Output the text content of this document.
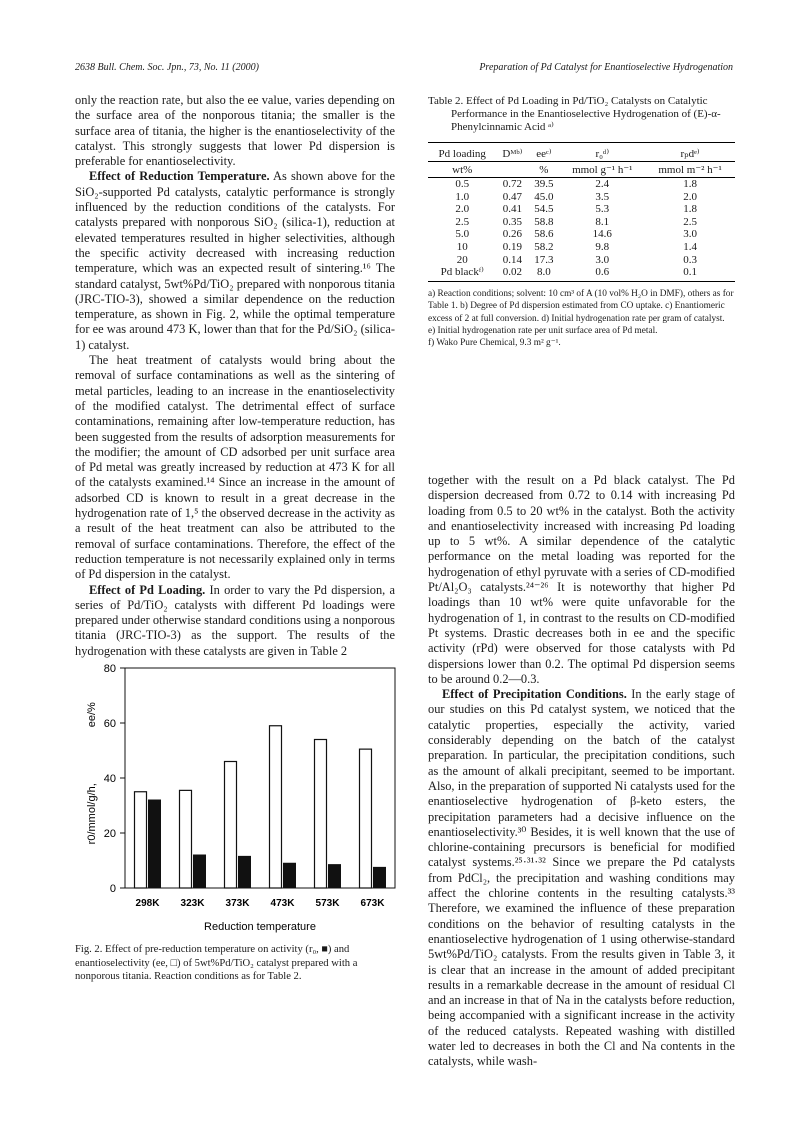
2638 Bull. Chem. Soc. Jpn., 73, No. 11 (2000)	Preparation of Pd Catalyst for Enantioselective Hydrogenation

only the reaction rate, but also the ee value, varies depending on the surface area of the nonporous titania; the smaller is the surface area of titania, the higher is the enantioselectivity of the catalyst. This strongly suggests that lower Pd dispersion is preferable for enantioselectivity.

Effect of Reduction Temperature. As shown above for the SiO₂-supported Pd catalysts, catalytic performance is strongly influenced by the reduction conditions of the catalysts. For catalysts prepared with nonporous SiO₂ (silica-1), reduction at elevated temperatures resulted in higher selectivities, although the specific activity decreased with increasing reduction temperature, which was an expected result of sintering.¹⁶ The standard catalyst, 5wt%Pd/TiO₂ prepared with nonporous titania (JRC-TIO-3), showed a similar dependence on the reduction temperature, as shown in Fig. 2, while the optimal temperature for ee was around 473 K, lower than that for the Pd/SiO₂ (silica-1) catalyst.

The heat treatment of catalysts would bring about the removal of surface contaminations as well as the sintering of metal particles, leading to an increase in the enantioselectivity of the modified catalyst. The detrimental effect of surface contaminations, remaining after low-temperature reduction, has been suggested from the results of adsorption measurements for the modifier; the amount of CD adsorbed per unit surface area of Pd metal was greatly increased by reduction at 473 K for all of the catalysts examined.¹⁴ Since an increase in the amount of adsorbed CD is known to result in a great decrease in the hydrogenation rate of 1,⁵ the observed decrease in the activity as a result of the heat treatment can also be attributed to the removal of surface contaminations. Therefore, the effect of the reduction temperature is not necessarily explained only in terms of Pd dispersion in the catalyst.

Effect of Pd Loading. In order to vary the Pd dispersion, a series of Pd/TiO₂ catalysts with different Pd loadings were prepared under otherwise standard conditions using a nonporous titania (JRC-TIO-3) as the support. The results of the hydrogenation with these catalysts are given in Table 2

Table 2. Effect of Pd Loading in Pd/TiO₂ Catalysts on Catalytic Performance in the Enantioselective Hydrogenation of (E)-α-Phenylcinnamic Acid ᵃ⁾
Pd loading	Dᴹᵇ⁾	eeᶜ⁾	r₀ᵈ⁾	rₚdᵉ⁾
wt%		%	mmol g⁻¹ h⁻¹	mmol m⁻² h⁻¹
0.5	0.72	39.5	2.4	1.8
1.0	0.47	45.0	3.5	2.0
2.0	0.41	54.5	5.3	1.8
2.5	0.35	58.8	8.1	2.5
5.0	0.26	58.6	14.6	3.0
10	0.19	58.2	9.8	1.4
20	0.14	17.3	3.0	0.3
Pd blackᶠ⁾	0.02	8.0	0.6	0.1
a) Reaction conditions; solvent: 10 cm³ of A (10 vol% H₂O in DMF), others as for Table 1. b) Degree of Pd dispersion estimated from CO uptake. c) Enantiomeric excess of 2 at full conversion. d) Initial hydrogenation rate per gram of catalyst.
e) Initial hydrogenation rate per unit surface area of Pd metal.
f) Wako Pure Chemical, 9.3 m² g⁻¹.

together with the result on a Pd black catalyst. The Pd dispersion decreased from 0.72 to 0.14 with increasing Pd loading from 0.5 to 20 wt% in the catalyst. Both the activity and enantioselectivity increased with increasing Pd loading up to 5 wt%. A similar dependence of the catalytic performance on the metal loading was reported for the hydrogenation of ethyl pyruvate with a series of CD-modified Pt/Al₂O₃ catalysts.²⁴⁻²⁶ It is noteworthy that higher Pd loadings than 10 wt% were quite unfavorable for the hydrogenation of 1, in contrast to the results on CD-modified Pt systems. Drastic decreases both in ee and the specific activity (rPd) were observed for those catalysts with Pd dispersions lower than 0.2. The optimal Pd dispersion seems to be around 0.2—0.3.

Effect of Precipitation Conditions. In the early stage of our studies on this Pd catalyst system, we noticed that the catalytic properties, especially the activity, varied considerably depending on the batch of the catalyst preparation. In particular, the precipitation conditions, such as the amount of alkali precipitant, seemed to be important. Also, in the preparation of supported Ni catalysts used for the enantioselective hydrogenation of β-keto esters, the precipitation parameters had a decisive influence on the enantioselectivity.³⁰ Besides, it is well known that the use of chlorine-containing precursors is beneficial for modified catalyst systems.²⁵·³¹·³² Since we prepare the Pd catalysts from PdCl₂, the precipitation and washing conditions may affect the chlorine contents in the resulting catalysts.³³ Therefore, we examined the influence of these preparation conditions on the behavior of resulting catalysts in the enantioselective hydrogenation of 1 using otherwise-standard 5wt%Pd/TiO₂ catalysts. From the results given in Table 3, it is clear that an increase in the amount of added precipitant results in a remarkable decrease in the amount of residual Cl and an increase in that of Na in the catalysts before reduction, being accompanied with a significant increase in the activity of the reduced catalysts. Repeated washing with distilled water led to decreases in both the Cl and Na contents in the catalysts, while wash-

0
20
40
60
80
298K 323K 373K 473K 573K 673K
Reduction temperature
r0/mmol/g/h,
ee/%
Fig. 2. Effect of pre-reduction temperature on activity (r₀, ■) and enantioselectivity (ee, □) of 5wt%Pd/TiO₂ catalyst prepared with a nonporous titania. Reaction conditions as for Table 2.
